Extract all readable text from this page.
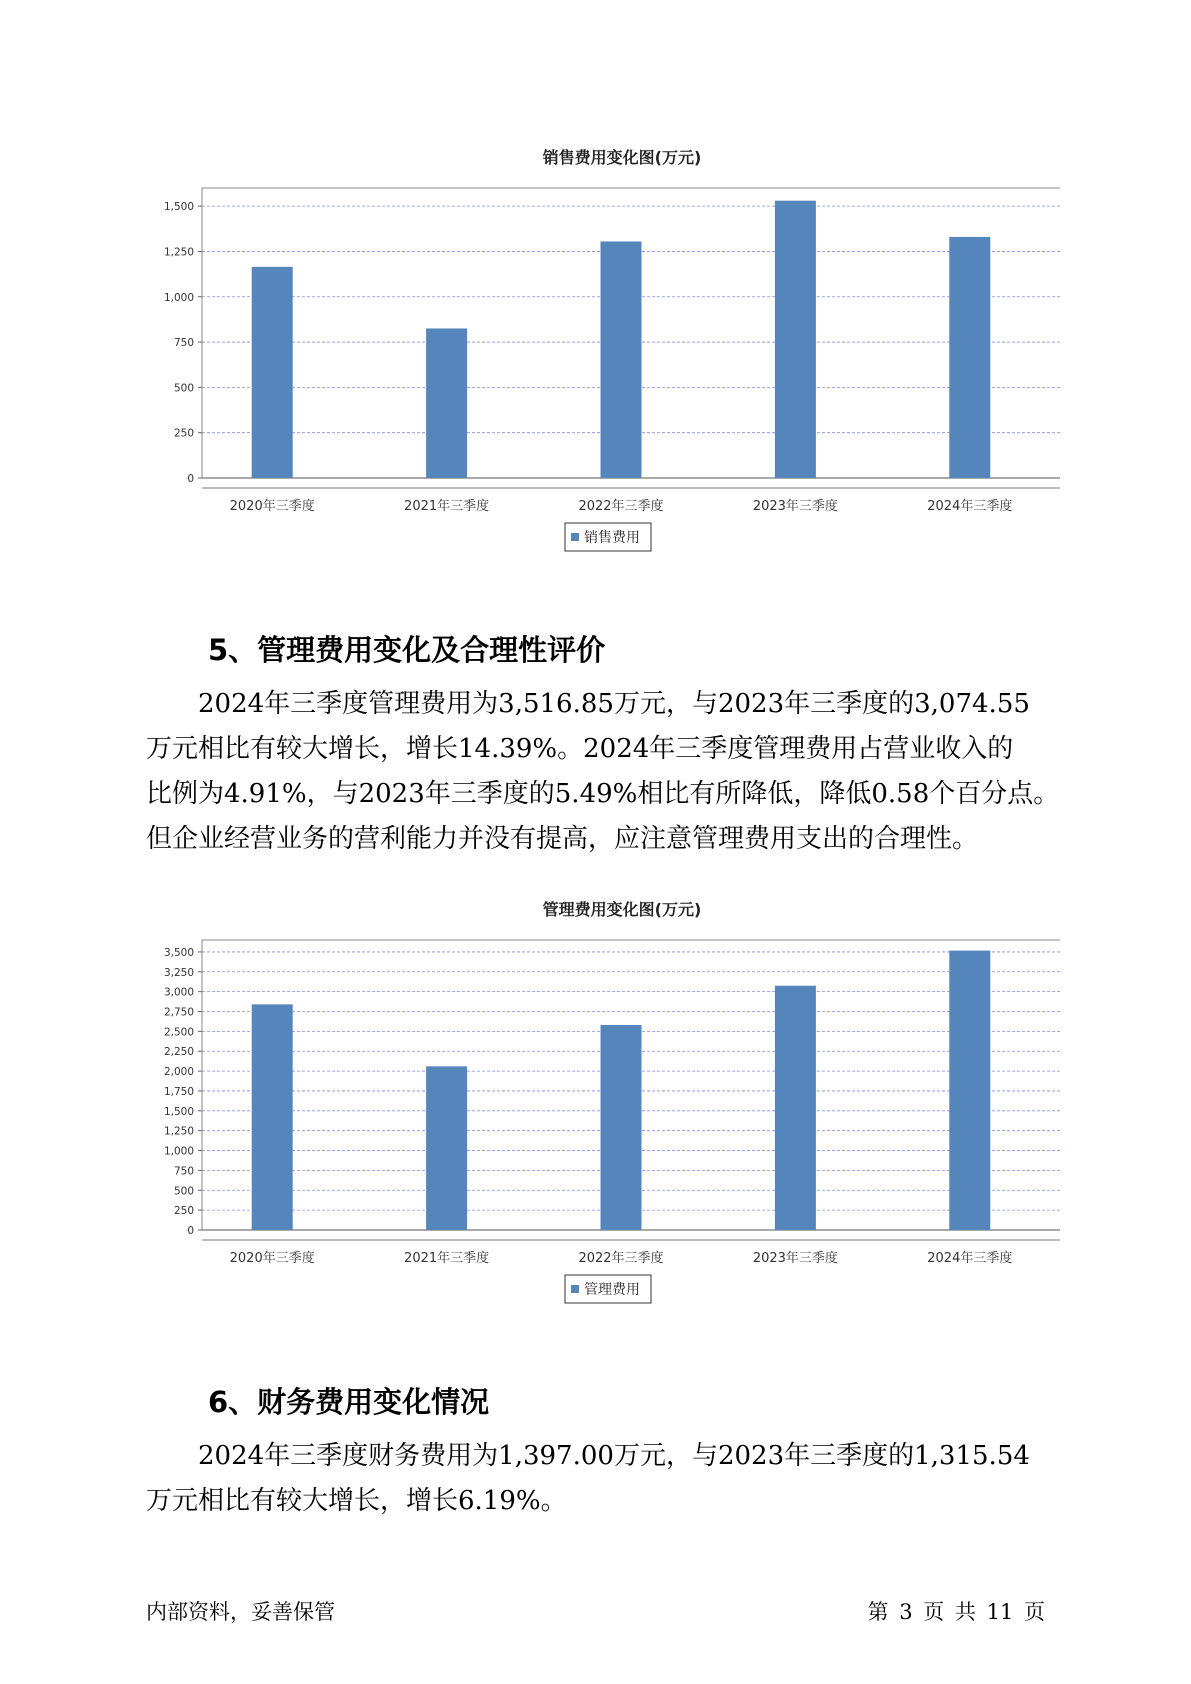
销售费用变化图(万元)
0
250
500
750
1,000
1,250
1,500
2020年三季度	2021年三季度	2022年三季度	2023年三季度	2024年三季度
销售费用
5、管理费用变化及合理性评价

2024年三季度管理费用为3,516.85万元，与2023年三季度的3,074.55
万元相比有较大增长，增长14.39%。2024年三季度管理费用占营业收入的
比例为4.91%，与2023年三季度的5.49%相比有所降低，降低0.58个百分点。
但企业经营业务的营利能力并没有提高，应注意管理费用支出的合理性。

管理费用变化图(万元)
0
250
500
750
1,000
1,250
1,500
1,750
2,000
2,250
2,500
2,750
3,000
3,250
3,500
2020年三季度	2021年三季度	2022年三季度	2023年三季度	2024年三季度
管理费用
6、财务费用变化情况

2024年三季度财务费用为1,397.00万元，与2023年三季度的1,315.54
万元相比有较大增长，增长6.19%。

内部资料，妥善保管	第 3 页 共 11 页
